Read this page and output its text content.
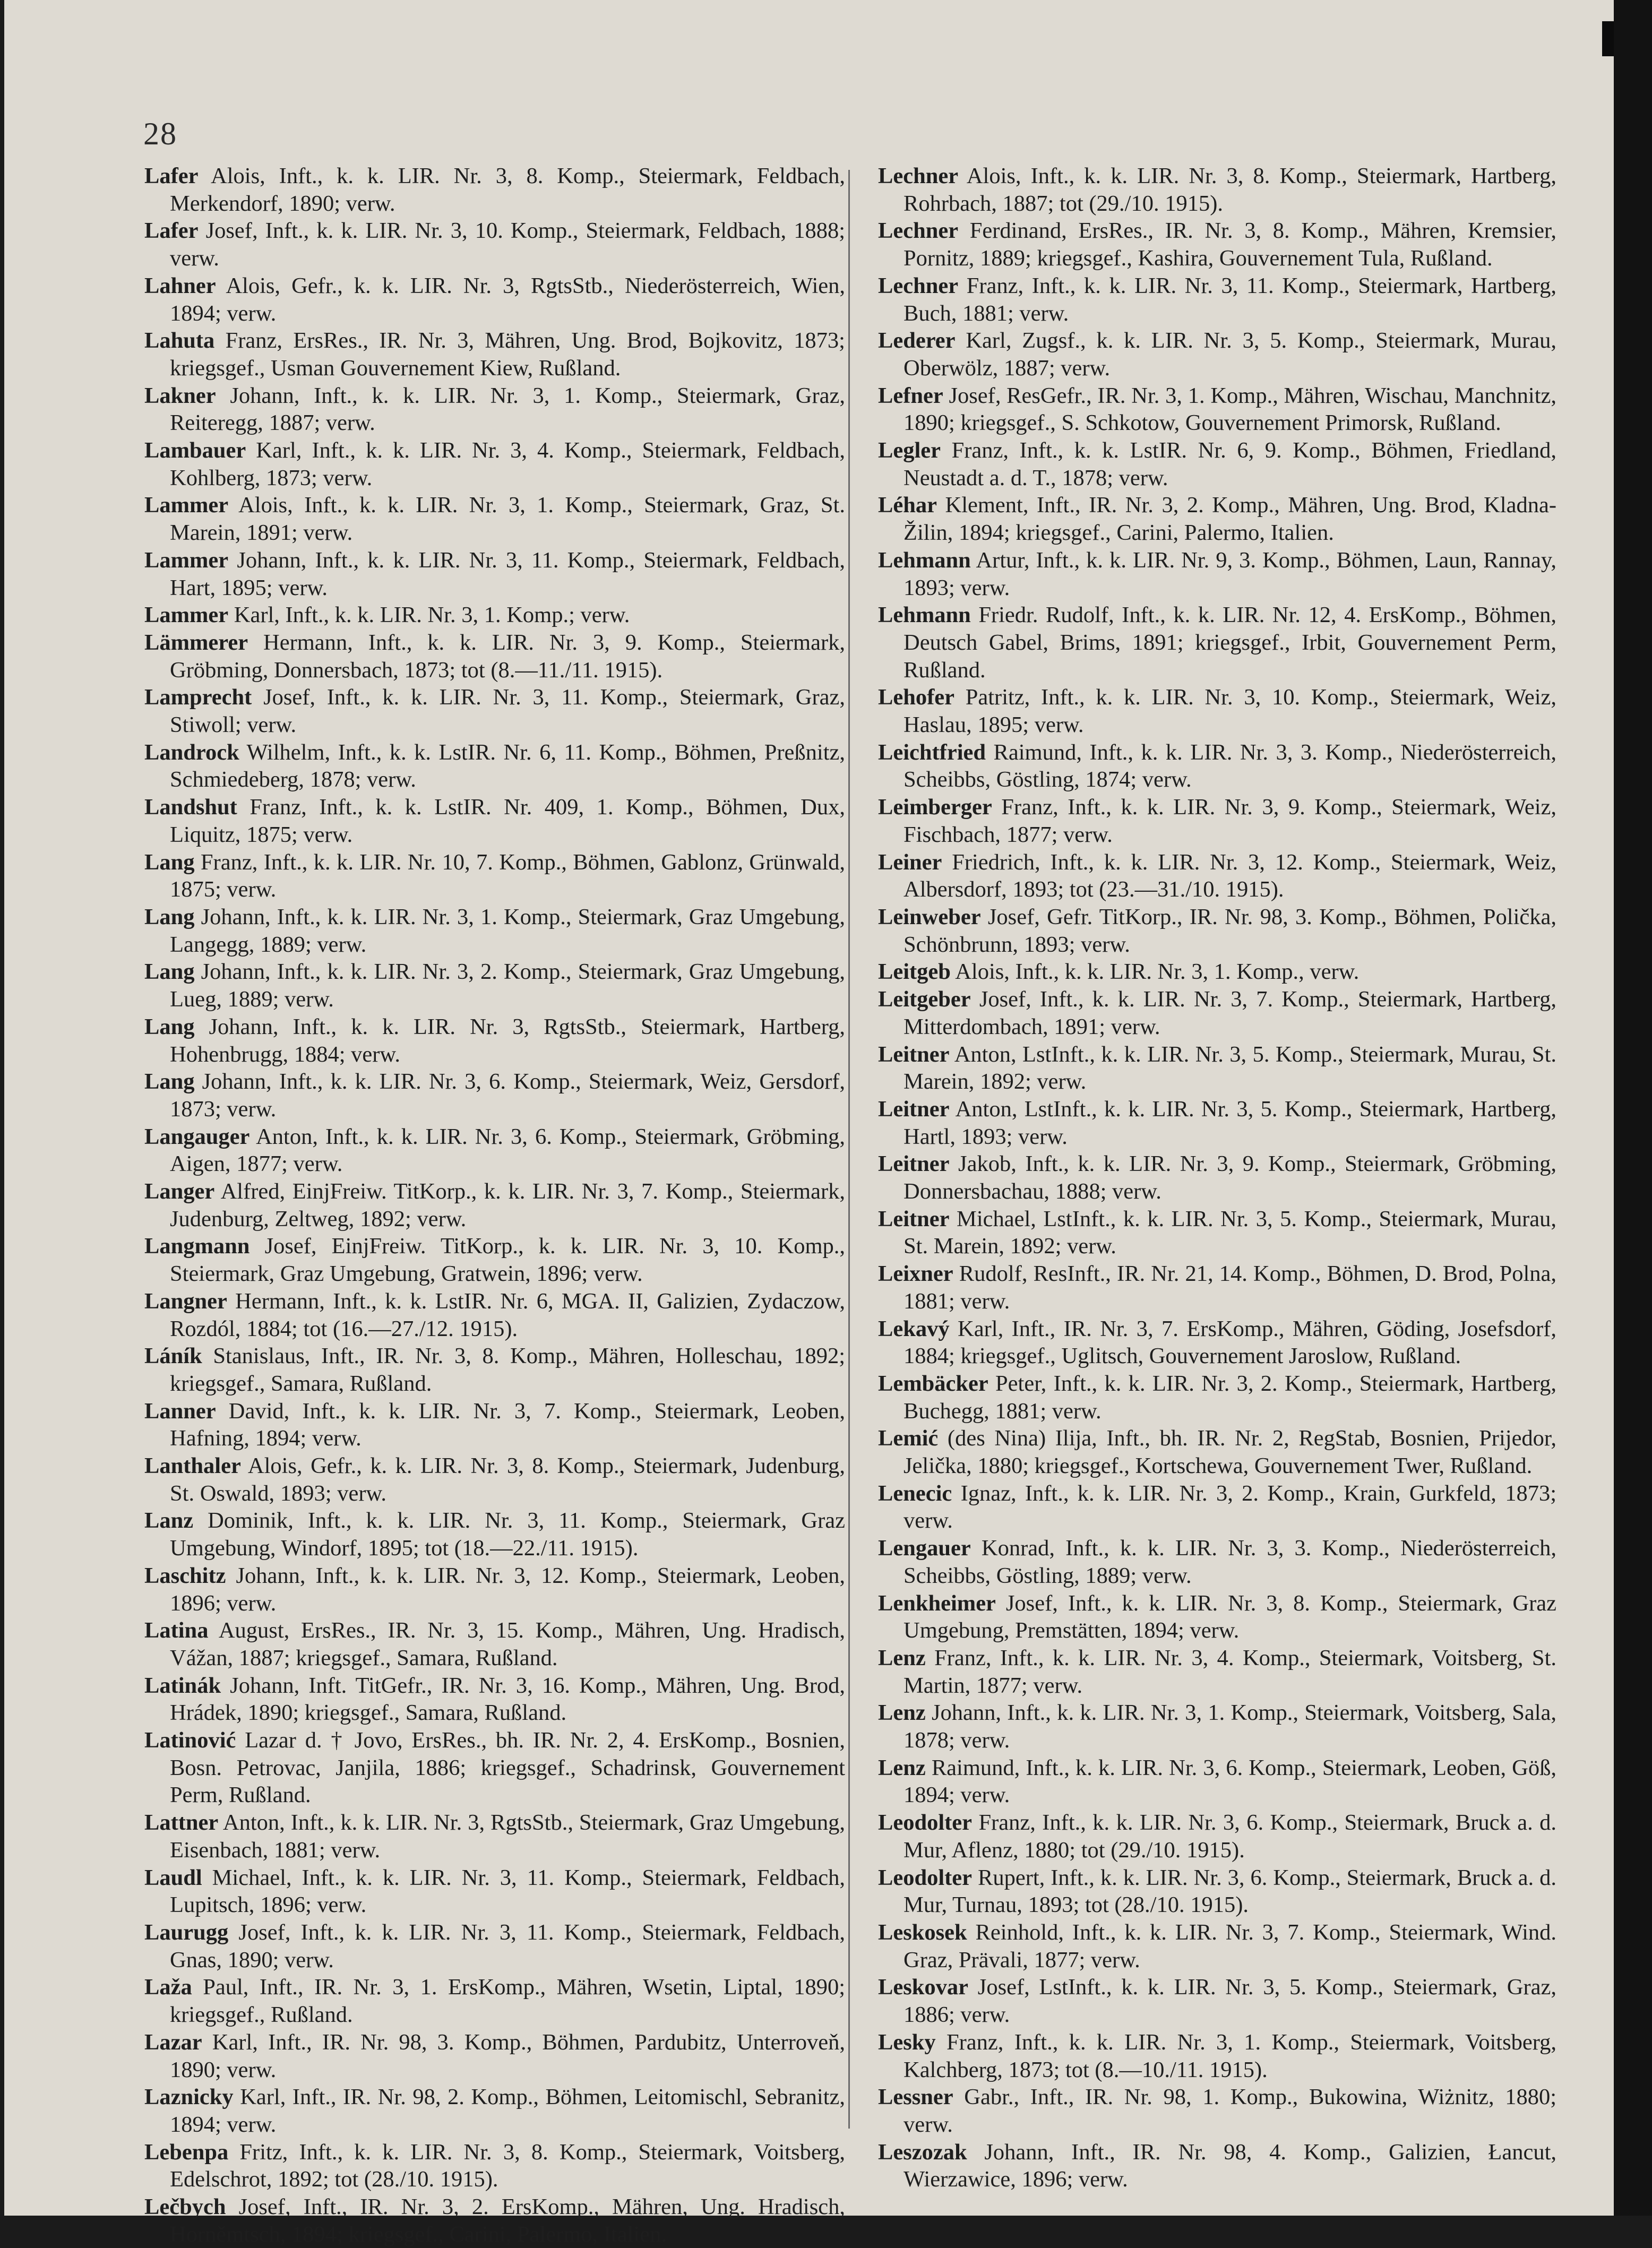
28
Lafer Alois, Inft., k. k. LIR. Nr. 3, 8. Komp., Steiermark, Feldbach, Merkendorf, 1890; verw.
Lafer Josef, Inft., k. k. LIR. Nr. 3, 10. Komp., Steiermark, Feldbach, 1888; verw.
Lahner Alois, Gefr., k. k. LIR. Nr. 3, RgtsStb., Niederösterreich, Wien, 1894; verw.
Lahuta Franz, ErsRes., IR. Nr. 3, Mähren, Ung. Brod, Bojkovitz, 1873; kriegsgef., Usman Gouvernement Kiew, Rußland.
Lakner Johann, Inft., k. k. LIR. Nr. 3, 1. Komp., Steiermark, Graz, Reiteregg, 1887; verw.
Lambauer Karl, Inft., k. k. LIR. Nr. 3, 4. Komp., Steiermark, Feldbach, Kohlberg, 1873; verw.
Lammer Alois, Inft., k. k. LIR. Nr. 3, 1. Komp., Steiermark, Graz, St. Marein, 1891; verw.
Lammer Johann, Inft., k. k. LIR. Nr. 3, 11. Komp., Steiermark, Feldbach, Hart, 1895; verw.
Lammer Karl, Inft., k. k. LIR. Nr. 3, 1. Komp.; verw.
Lämmerer Hermann, Inft., k. k. LIR. Nr. 3, 9. Komp., Steiermark, Gröbming, Donnersbach, 1873; tot (8.—11./11. 1915).
Lamprecht Josef, Inft., k. k. LIR. Nr. 3, 11. Komp., Steiermark, Graz, Stiwoll; verw.
Landrock Wilhelm, Inft., k. k. LstIR. Nr. 6, 11. Komp., Böhmen, Preßnitz, Schmiedeberg, 1878; verw.
Landshut Franz, Inft., k. k. LstIR. Nr. 409, 1. Komp., Böhmen, Dux, Liquitz, 1875; verw.
Lang Franz, Inft., k. k. LIR. Nr. 10, 7. Komp., Böhmen, Gablonz, Grünwald, 1875; verw.
Lang Johann, Inft., k. k. LIR. Nr. 3, 1. Komp., Steiermark, Graz Umgebung, Langegg, 1889; verw.
Lang Johann, Inft., k. k. LIR. Nr. 3, 2. Komp., Steiermark, Graz Umgebung, Lueg, 1889; verw.
Lang Johann, Inft., k. k. LIR. Nr. 3, RgtsStb., Steiermark, Hartberg, Hohenbrugg, 1884; verw.
Lang Johann, Inft., k. k. LIR. Nr. 3, 6. Komp., Steiermark, Weiz, Gersdorf, 1873; verw.
Langauger Anton, Inft., k. k. LIR. Nr. 3, 6. Komp., Steiermark, Gröbming, Aigen, 1877; verw.
Langer Alfred, EinjFreiw. TitKorp., k. k. LIR. Nr. 3, 7. Komp., Steiermark, Judenburg, Zeltweg, 1892; verw.
Langmann Josef, EinjFreiw. TitKorp., k. k. LIR. Nr. 3, 10. Komp., Steiermark, Graz Umgebung, Gratwein, 1896; verw.
Langner Hermann, Inft., k. k. LstIR. Nr. 6, MGA. II, Galizien, Zydaczow, Rozdól, 1884; tot (16.—27./12. 1915).
Láník Stanislaus, Inft., IR. Nr. 3, 8. Komp., Mähren, Holleschau, 1892; kriegsgef., Samara, Rußland.
Lanner David, Inft., k. k. LIR. Nr. 3, 7. Komp., Steiermark, Leoben, Hafning, 1894; verw.
Lanthaler Alois, Gefr., k. k. LIR. Nr. 3, 8. Komp., Steiermark, Judenburg, St. Oswald, 1893; verw.
Lanz Dominik, Inft., k. k. LIR. Nr. 3, 11. Komp., Steiermark, Graz Umgebung, Windorf, 1895; tot (18.—22./11. 1915).
Laschitz Johann, Inft., k. k. LIR. Nr. 3, 12. Komp., Steiermark, Leoben, 1896; verw.
Latina August, ErsRes., IR. Nr. 3, 15. Komp., Mähren, Ung. Hradisch, Vážan, 1887; kriegsgef., Samara, Rußland.
Latinák Johann, Inft. TitGefr., IR. Nr. 3, 16. Komp., Mähren, Ung. Brod, Hrádek, 1890; kriegsgef., Samara, Rußland.
Latinović Lazar d. † Jovo, ErsRes., bh. IR. Nr. 2, 4. ErsKomp., Bosnien, Bosn. Petrovac, Janjila, 1886; kriegsgef., Schadrinsk, Gouvernement Perm, Rußland.
Lattner Anton, Inft., k. k. LIR. Nr. 3, RgtsStb., Steiermark, Graz Umgebung, Eisenbach, 1881; verw.
Laudl Michael, Inft., k. k. LIR. Nr. 3, 11. Komp., Steiermark, Feldbach, Lupitsch, 1896; verw.
Laurugg Josef, Inft., k. k. LIR. Nr. 3, 11. Komp., Steiermark, Feldbach, Gnas, 1890; verw.
Laža Paul, Inft., IR. Nr. 3, 1. ErsKomp., Mähren, Wsetin, Liptal, 1890; kriegsgef., Rußland.
Lazar Karl, Inft., IR. Nr. 98, 3. Komp., Böhmen, Pardubitz, Unterroveň, 1890; verw.
Laznicky Karl, Inft., IR. Nr. 98, 2. Komp., Böhmen, Leitomischl, Sebranitz, 1894; verw.
Lebenpa Fritz, Inft., k. k. LIR. Nr. 3, 8. Komp., Steiermark, Voitsberg, Edelschrot, 1892; tot (28./10. 1915).
Lečbych Josef, Inft., IR. Nr. 3, 2. ErsKomp., Mähren, Ung. Hradisch, Horněmtsch, 1894; kriegsgef., Carini, Palermo, Italien.
Lechner Alois, Inft., k. k. LIR. Nr. 3, 8. Komp., Steiermark, Hartberg, Rohrbach, 1887; tot (29./10. 1915).
Lechner Ferdinand, ErsRes., IR. Nr. 3, 8. Komp., Mähren, Kremsier, Pornitz, 1889; kriegsgef., Kashira, Gouvernement Tula, Rußland.
Lechner Franz, Inft., k. k. LIR. Nr. 3, 11. Komp., Steiermark, Hartberg, Buch, 1881; verw.
Lederer Karl, Zugsf., k. k. LIR. Nr. 3, 5. Komp., Steiermark, Murau, Oberwölz, 1887; verw.
Lefner Josef, ResGefr., IR. Nr. 3, 1. Komp., Mähren, Wischau, Manchnitz, 1890; kriegsgef., S. Schkotow, Gouvernement Primorsk, Rußland.
Legler Franz, Inft., k. k. LstIR. Nr. 6, 9. Komp., Böhmen, Friedland, Neustadt a. d. T., 1878; verw.
Léhar Klement, Inft., IR. Nr. 3, 2. Komp., Mähren, Ung. Brod, Kladna-Žilin, 1894; kriegsgef., Carini, Palermo, Italien.
Lehmann Artur, Inft., k. k. LIR. Nr. 9, 3. Komp., Böhmen, Laun, Rannay, 1893; verw.
Lehmann Friedr. Rudolf, Inft., k. k. LIR. Nr. 12, 4. ErsKomp., Böhmen, Deutsch Gabel, Brims, 1891; kriegsgef., Irbit, Gouvernement Perm, Rußland.
Lehofer Patritz, Inft., k. k. LIR. Nr. 3, 10. Komp., Steiermark, Weiz, Haslau, 1895; verw.
Leichtfried Raimund, Inft., k. k. LIR. Nr. 3, 3. Komp., Niederösterreich, Scheibbs, Göstling, 1874; verw.
Leimberger Franz, Inft., k. k. LIR. Nr. 3, 9. Komp., Steiermark, Weiz, Fischbach, 1877; verw.
Leiner Friedrich, Inft., k. k. LIR. Nr. 3, 12. Komp., Steiermark, Weiz, Albersdorf, 1893; tot (23.—31./10. 1915).
Leinweber Josef, Gefr. TitKorp., IR. Nr. 98, 3. Komp., Böhmen, Polička, Schönbrunn, 1893; verw.
Leitgeb Alois, Inft., k. k. LIR. Nr. 3, 1. Komp., verw.
Leitgeber Josef, Inft., k. k. LIR. Nr. 3, 7. Komp., Steiermark, Hartberg, Mitterdombach, 1891; verw.
Leitner Anton, LstInft., k. k. LIR. Nr. 3, 5. Komp., Steiermark, Murau, St. Marein, 1892; verw.
Leitner Anton, LstInft., k. k. LIR. Nr. 3, 5. Komp., Steiermark, Hartberg, Hartl, 1893; verw.
Leitner Jakob, Inft., k. k. LIR. Nr. 3, 9. Komp., Steiermark, Gröbming, Donnersbachau, 1888; verw.
Leitner Michael, LstInft., k. k. LIR. Nr. 3, 5. Komp., Steiermark, Murau, St. Marein, 1892; verw.
Leixner Rudolf, ResInft., IR. Nr. 21, 14. Komp., Böhmen, D. Brod, Polna, 1881; verw.
Lekavý Karl, Inft., IR. Nr. 3, 7. ErsKomp., Mähren, Göding, Josefsdorf, 1884; kriegsgef., Uglitsch, Gouvernement Jaroslow, Rußland.
Lembäcker Peter, Inft., k. k. LIR. Nr. 3, 2. Komp., Steiermark, Hartberg, Buchegg, 1881; verw.
Lemić (des Nina) Ilija, Inft., bh. IR. Nr. 2, RegStab, Bosnien, Prijedor, Jelička, 1880; kriegsgef., Kortschewa, Gouvernement Twer, Rußland.
Lenecic Ignaz, Inft., k. k. LIR. Nr. 3, 2. Komp., Krain, Gurkfeld, 1873; verw.
Lengauer Konrad, Inft., k. k. LIR. Nr. 3, 3. Komp., Niederösterreich, Scheibbs, Göstling, 1889; verw.
Lenkheimer Josef, Inft., k. k. LIR. Nr. 3, 8. Komp., Steiermark, Graz Umgebung, Premstätten, 1894; verw.
Lenz Franz, Inft., k. k. LIR. Nr. 3, 4. Komp., Steiermark, Voitsberg, St. Martin, 1877; verw.
Lenz Johann, Inft., k. k. LIR. Nr. 3, 1. Komp., Steiermark, Voitsberg, Sala, 1878; verw.
Lenz Raimund, Inft., k. k. LIR. Nr. 3, 6. Komp., Steiermark, Leoben, Göß, 1894; verw.
Leodolter Franz, Inft., k. k. LIR. Nr. 3, 6. Komp., Steiermark, Bruck a. d. Mur, Aflenz, 1880; tot (29./10. 1915).
Leodolter Rupert, Inft., k. k. LIR. Nr. 3, 6. Komp., Steiermark, Bruck a. d. Mur, Turnau, 1893; tot (28./10. 1915).
Leskosek Reinhold, Inft., k. k. LIR. Nr. 3, 7. Komp., Steiermark, Wind. Graz, Prävali, 1877; verw.
Leskovar Josef, LstInft., k. k. LIR. Nr. 3, 5. Komp., Steiermark, Graz, 1886; verw.
Lesky Franz, Inft., k. k. LIR. Nr. 3, 1. Komp., Steiermark, Voitsberg, Kalchberg, 1873; tot (8.—10./11. 1915).
Lessner Gabr., Inft., IR. Nr. 98, 1. Komp., Bukowina, Wiżnitz, 1880; verw.
Leszozak Johann, Inft., IR. Nr. 98, 4. Komp., Galizien, Łancut, Wierzawice, 1896; verw.
